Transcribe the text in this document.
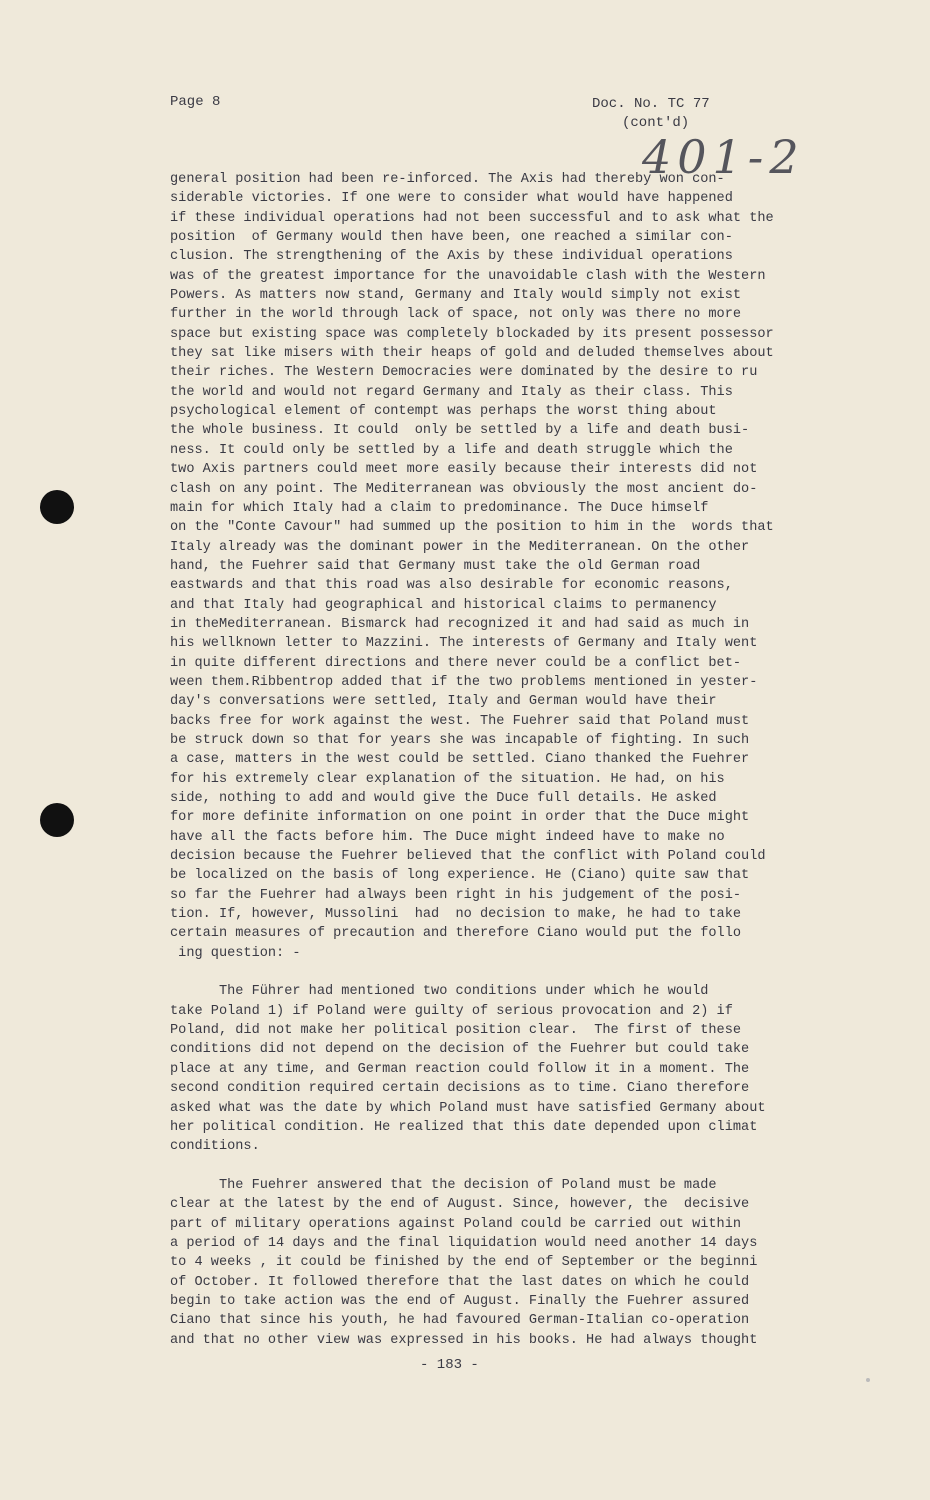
Page 8	Doc. No. TC 77
(cont'd)
401-2
general position had been re-inforced. The Axis had thereby won con-
siderable victories. If one were to consider what would have happened
if these individual operations had not been successful and to ask what the
position  of Germany would then have been, one reached a similar con-
clusion. The strengthening of the Axis by these individual operations
was of the greatest importance for the unavoidable clash with the Western
Powers. As matters now stand, Germany and Italy would simply not exist
further in the world through lack of space, not only was there no more
space but existing space was completely blockaded by its present possessor
they sat like misers with their heaps of gold and deluded themselves about
their riches. The Western Democracies were dominated by the desire to ru
the world and would not regard Germany and Italy as their class. This
psychological element of contempt was perhaps the worst thing about
the whole business. It could  only be settled by a life and death busi-
ness. It could only be settled by a life and death struggle which the
two Axis partners could meet more easily because their interests did not
clash on any point. The Mediterranean was obviously the most ancient do-
main for which Italy had a claim to predominance. The Duce himself
on the "Conte Cavour" had summed up the position to him in the  words that
Italy already was the dominant power in the Mediterranean. On the other
hand, the Fuehrer said that Germany must take the old German road
eastwards and that this road was also desirable for economic reasons,
and that Italy had geographical and historical claims to permanency
in theMediterranean. Bismarck had recognized it and had said as much in
his wellknown letter to Mazzini. The interests of Germany and Italy went
in quite different directions and there never could be a conflict bet-
ween them.Ribbentrop added that if the two problems mentioned in yester-
day's conversations were settled, Italy and German would have their
backs free for work against the west. The Fuehrer said that Poland must
be struck down so that for years she was incapable of fighting. In such
a case, matters in the west could be settled. Ciano thanked the Fuehrer
for his extremely clear explanation of the situation. He had, on his
side, nothing to add and would give the Duce full details. He asked
for more definite information on one point in order that the Duce might
have all the facts before him. The Duce might indeed have to make no
decision because the Fuehrer believed that the conflict with Poland could
be localized on the basis of long experience. He (Ciano) quite saw that
so far the Fuehrer had always been right in his judgement of the posi-
tion. If, however, Mussolini  had  no decision to make, he had to take
certain measures of precaution and therefore Ciano would put the follo
ing question: -
The Führer had mentioned two conditions under which he would
take Poland 1) if Poland were guilty of serious provocation and 2) if
Poland, did not make her political position clear.  The first of these
conditions did not depend on the decision of the Fuehrer but could take
place at any time, and German reaction could follow it in a moment. The
second condition required certain decisions as to time. Ciano therefore
asked what was the date by which Poland must have satisfied Germany about
her political condition. He realized that this date depended upon climat
conditions.
The Fuehrer answered that the decision of Poland must be made
clear at the latest by the end of August. Since, however, the  decisive
part of military operations against Poland could be carried out within
a period of 14 days and the final liquidation would need another 14 days
to 4 weeks , it could be finished by the end of September or the beginni
of October. It followed therefore that the last dates on which he could
begin to take action was the end of August. Finally the Fuehrer assured
Ciano that since his youth, he had favoured German-Italian co-operation
and that no other view was expressed in his books. He had always thought
- 183 -
